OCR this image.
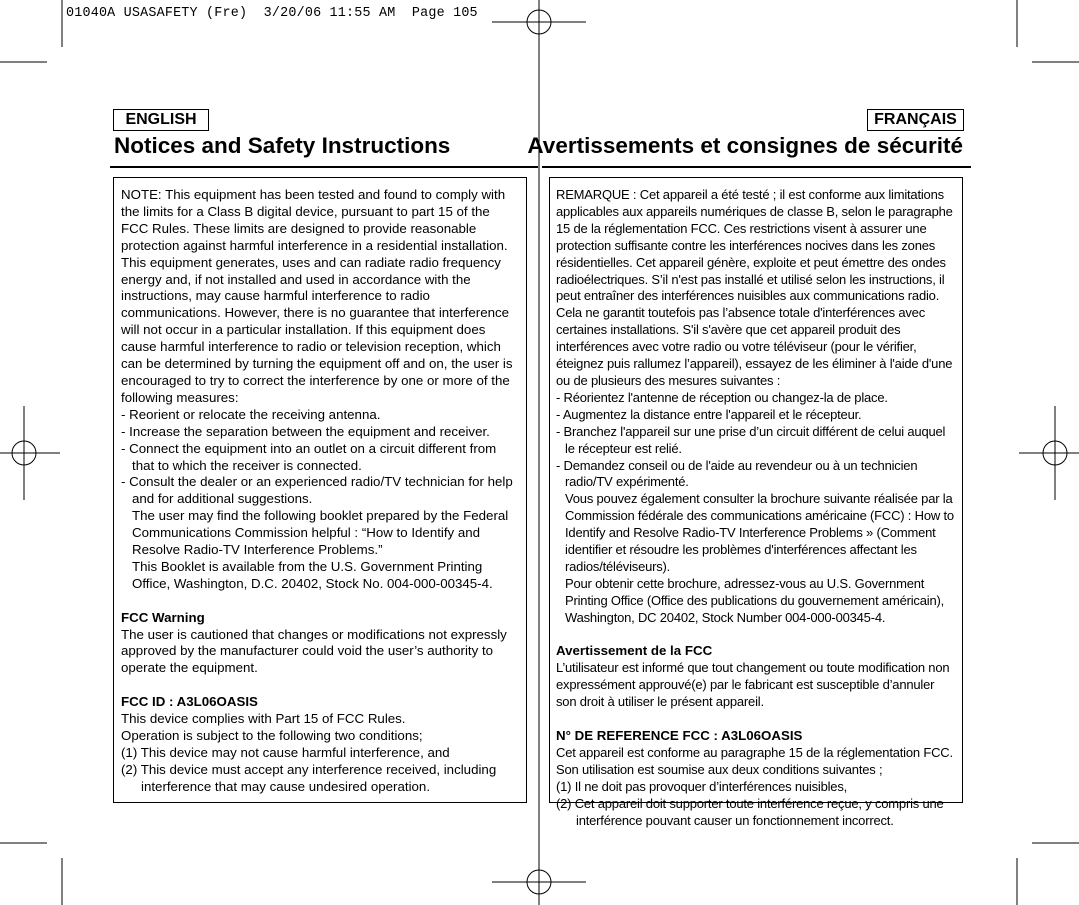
01040A USASAFETY (Fre)  3/20/06 11:55 AM  Page 105
ENGLISH
Notices and Safety Instructions
FRANÇAIS
Avertissements et consignes de sécurité

NOTE: This equipment has been tested and found to comply with the limits for a Class B digital device, pursuant to part 15 of the FCC Rules. These limits are designed to provide reasonable protection against harmful interference in a residential installation. This equipment generates, uses and can radiate radio frequency energy and, if not installed and used in accordance with the instructions, may cause harmful interference to radio communications. However, there is no guarantee that interference will not occur in a particular installation. If this equipment does cause harmful interference to radio or television reception, which can be determined by turning the equipment off and on, the user is encouraged to try to correct the interference by one or more of the following measures:

- Reorient or relocate the receiving antenna.
- Increase the separation between the equipment and receiver.
- Connect the equipment into an outlet on a circuit different from that to which the receiver is connected.
- Consult the dealer or an experienced radio/TV technician for help and for additional suggestions.

The user may find the following booklet prepared by the Federal Communications Commission helpful : “How to Identify and Resolve Radio-TV Interference Problems.”

This Booklet is available from the U.S. Government Printing Office, Washington, D.C. 20402, Stock No. 004-000-00345-4.

FCC Warning

The user is cautioned that changes or modifications not expressly approved by the manufacturer could void the user’s authority to operate the equipment.

FCC ID : A3L06OASIS

This device complies with Part 15 of FCC Rules.

Operation is subject to the following two conditions;

(1) This device may not cause harmful interference, and
(2) This device must accept any interference received, including interference that may cause undesired operation.

REMARQUE : Cet appareil a été testé ; il est conforme aux limitations applicables aux appareils numériques de classe B, selon le paragraphe 15 de la réglementation FCC. Ces restrictions visent à assurer une protection suffisante contre les interférences nocives dans les zones résidentielles. Cet appareil génère, exploite et peut émettre des ondes radioélectriques. S’il n'est pas installé et utilisé selon les instructions, il peut entraîner des interférences nuisibles aux communications radio. Cela ne garantit toutefois pas l’absence totale d'interférences avec certaines installations. S'il s'avère que cet appareil produit des interférences avec votre radio ou votre téléviseur (pour le vérifier, éteignez puis rallumez l’appareil), essayez de les éliminer à l'aide d'une ou de plusieurs des mesures suivantes :

- Réorientez l'antenne de réception ou changez-la de place.
- Augmentez la distance entre l'appareil et le récepteur.
- Branchez l'appareil sur une prise d’un circuit différent de celui auquel le récepteur est relié.
- Demandez conseil ou de l'aide au revendeur ou à un technicien radio/TV expérimenté.

Vous pouvez également consulter la brochure suivante réalisée par la Commission fédérale des communications américaine (FCC) : How to Identify and Resolve Radio-TV Interference Problems » (Comment identifier et résoudre les problèmes d'interférences affectant les radios/téléviseurs).

Pour obtenir cette brochure, adressez-vous au U.S. Government Printing Office (Office des publications du gouvernement américain), Washington, DC 20402, Stock Number 004-000-00345-4.

Avertissement de la FCC

L’utilisateur est informé que tout changement ou toute modification non expressément approuvé(e) par le fabricant est susceptible d’annuler son droit à utiliser le présent appareil.

N° DE REFERENCE FCC : A3L06OASIS

Cet appareil est conforme au paragraphe 15 de la réglementation FCC.

Son utilisation est soumise aux deux conditions suivantes ;

(1) Il ne doit pas provoquer d’interférences nuisibles,
(2) Cet appareil doit supporter toute interférence reçue, y compris une interférence pouvant causer un fonctionnement incorrect.
